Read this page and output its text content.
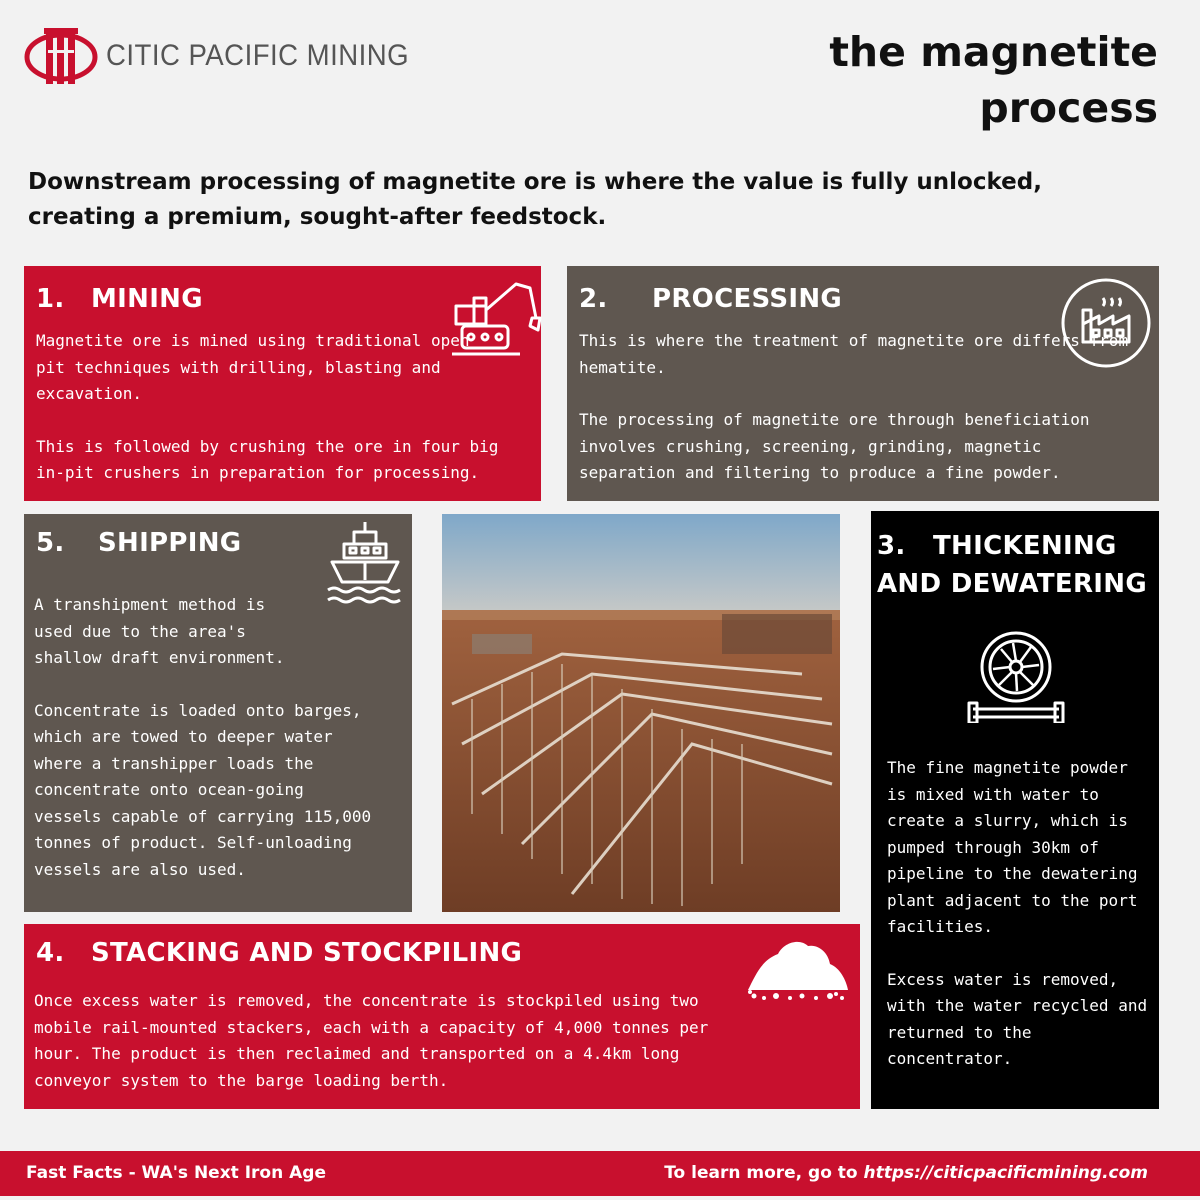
CITIC PACIFIC MINING	the magnetite
process
Downstream processing of magnetite ore is where the value is fully unlocked, creating a premium, sought-after feedstock.
1. MINING

Magnetite ore is mined using traditional open pit techniques with drilling, blasting and excavation.

This is followed by crushing the ore in four big in-pit crushers in preparation for processing.

2. PROCESSING

This is where the treatment of magnetite ore differs from hematite.

The processing of magnetite ore through beneficiation involves crushing, screening, grinding, magnetic separation and filtering to produce a fine powder.

5. SHIPPING

A transhipment method is used due to the area's shallow draft environment.

Concentrate is loaded onto barges, which are towed to deeper water where a transhipper loads the concentrate onto ocean-going vessels capable of carrying 115,000 tonnes of product. Self-unloading vessels are also used.

3. THICKENING
AND DEWATERING

The fine magnetite powder is mixed with water to create a slurry, which is pumped through 30km of pipeline to the dewatering plant adjacent to the port facilities.

Excess water is removed, with the water recycled and returned to the concentrator.

4. STACKING AND STOCKPILING

Once excess water is removed, the concentrate is stockpiled using two mobile rail-mounted stackers, each with a capacity of 4,000 tonnes per hour. The product is then reclaimed and transported on a 4.4km long conveyor system to the barge loading berth.

Fast Facts - WA's Next Iron Age	To learn more, go to https://citicpacificmining.com
